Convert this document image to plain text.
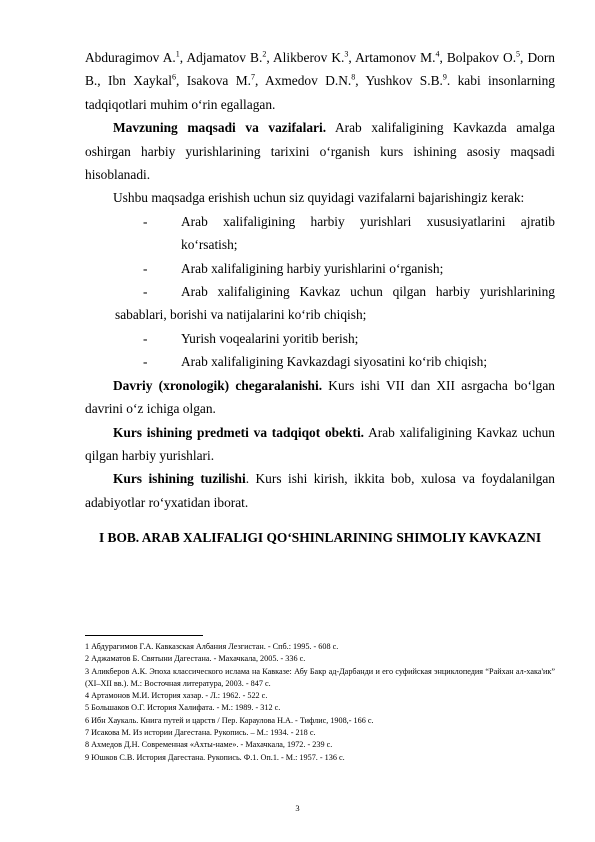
Abduragimov A.$^1$, Adjamatov B.$^2$, Alikberov K.$^3$, Artamonov M.$^4$, Bolpakov O.$^5$, Dorn B., Ibn Xaykal$^6$, Isakova M.$^7$, Axmedov D.N.$^8$, Yushkov S.B.$^9$. kabi insonlarning tadqiqotlari muhim o‘rin egallagan.

Mavzuning maqsadi va vazifalari. Arab xalifaligining Kavkazda amalga oshirgan harbiy yurishlarining tarixini o‘rganish kurs ishining asosiy maqsadi hisoblanadi.

Ushbu maqsadga erishish uchun siz quyidagi vazifalarni bajarishingiz kerak:

-	Arab xalifaligining harbiy yurishlari xususiyatlarini ajratib ko‘rsatish;
-	Arab xalifaligining harbiy yurishlarini o‘rganish;
-	Arab xalifaligining Kavkaz uchun qilgan harbiy yurishlarining sabablari, borishi va natijalarini ko‘rib chiqish;
-	Yurish voqealarini yoritib berish;
-	Arab xalifaligining Kavkazdagi siyosatini ko‘rib chiqish;

Davriy (xronologik) chegaralanishi. Kurs ishi VII dan XII asrgacha bo‘lgan davrini o‘z ichiga olgan.

Kurs ishining predmeti va tadqiqot obekti. Arab xalifaligining Kavkaz uchun qilgan harbiy yurishlari.

Kurs ishining tuzilishi. Kurs ishi kirish, ikkita bob, xulosa va foydalanilgan adabiyotlar ro‘yxatidan iborat.

I BOB. ARAB XALIFALIGI QO‘SHINLARINING SHIMOLIY KAVKAZNI
1 Абдурагимов Г.А. Кавказская Албания Лезгистан. - Спб.: 1995. - 608 с.
2 Аджаматов Б. Святыни Дагестана. - Махачкала, 2005. - 336 с.
3 Аликберов А.К. Эпоха классического ислама на Кавказе: Абу Бакр ад-Дарбанди и его суфийская энциклопедия “Райхан ал-хака'ик” (XI–XII вв.). М.: Восточная литература, 2003. - 847 с.
4 Артамонов М.И. История хазар. - Л.: 1962. - 522 с.
5 Большаков О.Г. История Халифата. - М.: 1989. - 312 с.
6 Ибн Хаукаль. Книга путей и царств / Пер. Караулова Н.А. - Тифлис, 1908,- 166 с.
7 Исакова М. Из истории Дагестана. Рукопись. – М.: 1934. - 218 с.
8 Ахмедов Д.Н. Современная «Ахты-наме». - Махачкала, 1972. - 239 с.
9 Юшков С.В. История Дагестана. Рукопись. Ф.1. Оп.1. - М.: 1957. - 136 с.
3
